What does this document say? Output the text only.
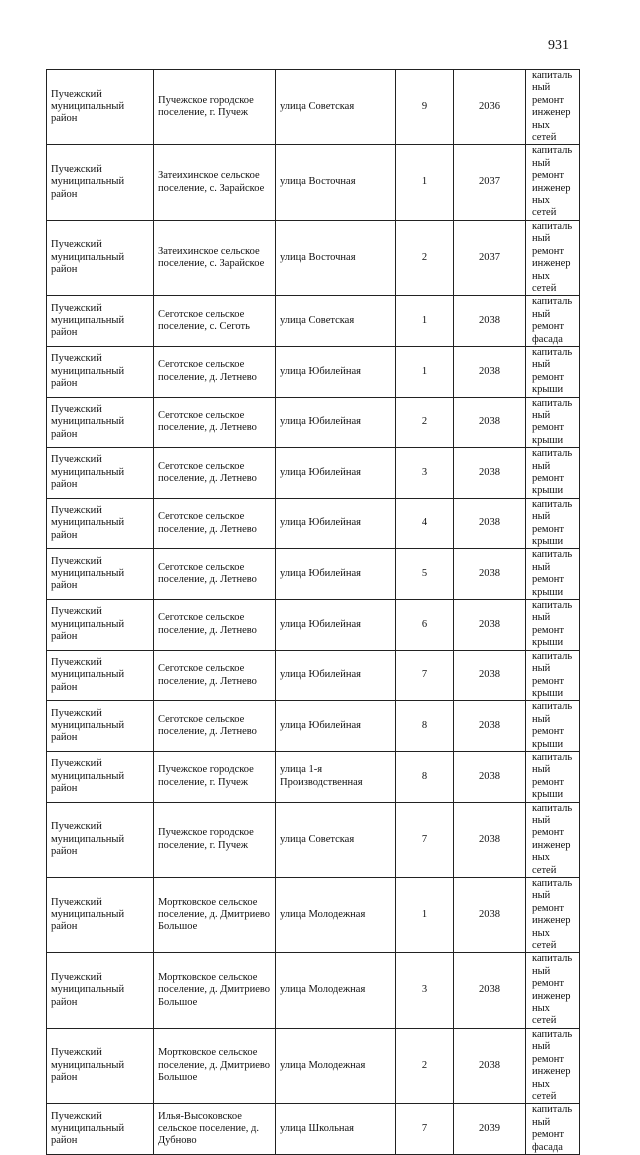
931
Пучежский муниципальный район	Пучежское городское поселение, г. Пучеж	улица Советская	9	2036	капитальный ремонт инженерных сетей
Пучежский муниципальный район	Затеихинское сельское поселение, с. Зарайское	улица Восточная	1	2037	капитальный ремонт инженерных сетей
Пучежский муниципальный район	Затеихинское сельское поселение, с. Зарайское	улица Восточная	2	2037	капитальный ремонт инженерных сетей
Пучежский муниципальный район	Сеготское сельское поселение, с. Сеготь	улица Советская	1	2038	капитальный ремонт фасада
Пучежский муниципальный район	Сеготское сельское поселение, д. Летнево	улица Юбилейная	1	2038	капитальный ремонт крыши
Пучежский муниципальный район	Сеготское сельское поселение, д. Летнево	улица Юбилейная	2	2038	капитальный ремонт крыши
Пучежский муниципальный район	Сеготское сельское поселение, д. Летнево	улица Юбилейная	3	2038	капитальный ремонт крыши
Пучежский муниципальный район	Сеготское сельское поселение, д. Летнево	улица Юбилейная	4	2038	капитальный ремонт крыши
Пучежский муниципальный район	Сеготское сельское поселение, д. Летнево	улица Юбилейная	5	2038	капитальный ремонт крыши
Пучежский муниципальный район	Сеготское сельское поселение, д. Летнево	улица Юбилейная	6	2038	капитальный ремонт крыши
Пучежский муниципальный район	Сеготское сельское поселение, д. Летнево	улица Юбилейная	7	2038	капитальный ремонт крыши
Пучежский муниципальный район	Сеготское сельское поселение, д. Летнево	улица Юбилейная	8	2038	капитальный ремонт крыши
Пучежский муниципальный район	Пучежское городское поселение, г. Пучеж	улица 1-я Производственная	8	2038	капитальный ремонт крыши
Пучежский муниципальный район	Пучежское городское поселение, г. Пучеж	улица Советская	7	2038	капитальный ремонт инженерных сетей
Пучежский муниципальный район	Мортковское сельское поселение, д. Дмитриево Большое	улица Молодежная	1	2038	капитальный ремонт инженерных сетей
Пучежский муниципальный район	Мортковское сельское поселение, д. Дмитриево Большое	улица Молодежная	3	2038	капитальный ремонт инженерных сетей
Пучежский муниципальный район	Мортковское сельское поселение, д. Дмитриево Большое	улица Молодежная	2	2038	капитальный ремонт инженерных сетей
Пучежский муниципальный район	Илья-Высоковское сельское поселение, д. Дубново	улица Школьная	7	2039	капитальный ремонт фасада
